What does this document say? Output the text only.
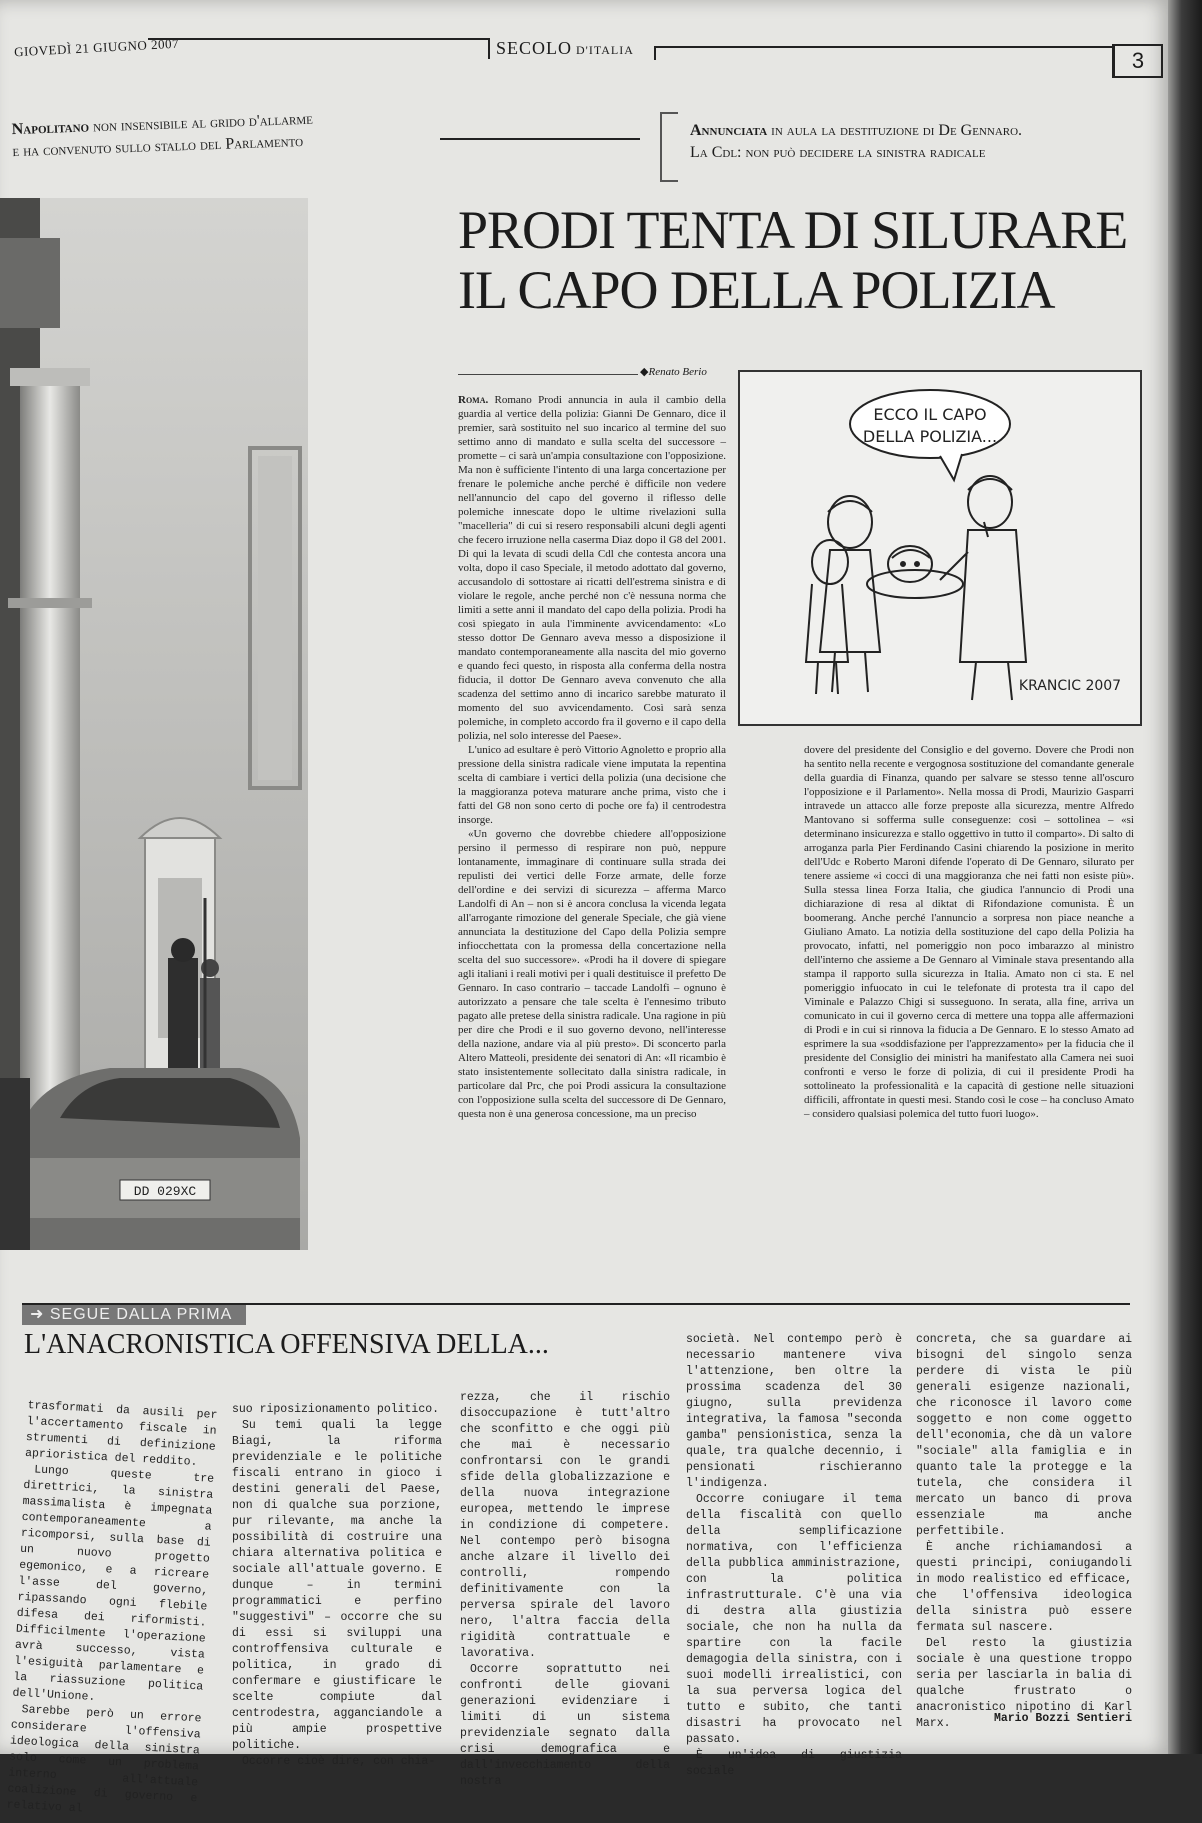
GIOVEDÌ 21 GIUGNO 2007	SECOLO D'ITALIA	3
Napolitano non insensibile al grido d'allarme
e ha convenuto sullo stallo del Parlamento
Annunciata in aula la destituzione di De Gennaro.
La Cdl: non può decidere la sinistra radicale
PRODI TENTA DI SILURARE
IL CAPO DELLA POLIZIA
DD 029XC
◆ Renato Berio
ECCO IL CAPO
DELLA POLIZIA...
KRANCIC 2007

Roma. Romano Prodi annuncia in aula il cambio della guardia al vertice della polizia: Gianni De Gennaro, dice il premier, sarà sostituito nel suo incarico al termine del suo settimo anno di mandato e sulla scelta del successore – promette – ci sarà un'ampia consultazione con l'opposizione. Ma non è sufficiente l'intento di una larga concertazione per frenare le polemiche anche perché è difficile non vedere nell'annuncio del capo del governo il riflesso delle polemiche innescate dopo le ultime rivelazioni sulla "macelleria" di cui si resero responsabili alcuni degli agenti che fecero irruzione nella caserma Diaz dopo il G8 del 2001. Di qui la levata di scudi della Cdl che contesta ancora una volta, dopo il caso Speciale, il metodo adottato dal governo, accusandolo di sottostare ai ricatti dell'estrema sinistra e di violare le regole, anche perché non c'è nessuna norma che limiti a sette anni il mandato del capo della polizia. Prodi ha così spiegato in aula l'imminente avvicendamento: «Lo stesso dottor De Gennaro aveva messo a disposizione il mandato contemporaneamente alla nascita del mio governo e quando feci questo, in risposta alla conferma della nostra fiducia, il dottor De Gennaro aveva convenuto che alla scadenza del settimo anno di incarico sarebbe maturato il momento del suo avvicendamento. Così sarà senza polemiche, in completo accordo fra il governo e il capo della polizia, nel solo interesse del Paese».

L'unico ad esultare è però Vittorio Agnoletto e proprio alla pressione della sinistra radicale viene imputata la repentina scelta di cambiare i vertici della polizia (una decisione che la maggioranza poteva maturare anche prima, visto che i fatti del G8 non sono certo di poche ore fa) il centrodestra insorge.

«Un governo che dovrebbe chiedere all'opposizione persino il permesso di respirare non può, neppure lontanamente, immaginare di continuare sulla strada dei repulisti dei vertici delle Forze armate, delle forze dell'ordine e dei servizi di sicurezza – afferma Marco Landolfi di An – non si è ancora conclusa la vicenda legata all'arrogante rimozione del generale Speciale, che già viene annunciata la destituzione del Capo della Polizia sempre infiocchettata con la promessa della concertazione nella scelta del suo successore». «Prodi ha il dovere di spiegare agli italiani i reali motivi per i quali destituisce il prefetto De Gennaro. In caso contrario – taccade Landolfi – ognuno è autorizzato a pensare che tale scelta è l'ennesimo tributo pagato alle pretese della sinistra radicale. Una ragione in più per dire che Prodi e il suo governo devono, nell'interesse della nazione, andare via al più presto». Di sconcerto parla Altero Matteoli, presidente dei senatori di An: «Il ricambio è stato insistentemente sollecitato dalla sinistra radicale, in particolare dal Prc, che poi Prodi assicura la consultazione con l'opposizione sulla scelta del successore di De Gennaro, questa non è una generosa concessione, ma un preciso

dovere del presidente del Consiglio e del governo. Dovere che Prodi non ha sentito nella recente e vergognosa sostituzione del comandante generale della guardia di Finanza, quando per salvare se stesso tenne all'oscuro l'opposizione e il Parlamento». Nella mossa di Prodi, Maurizio Gasparri intravede un attacco alle forze preposte alla sicurezza, mentre Alfredo Mantovano si sofferma sulle conseguenze: così – sottolinea – «si determinano insicurezza e stallo oggettivo in tutto il comparto». Di salto di arroganza parla Pier Ferdinando Casini chiarendo la posizione in merito dell'Udc e Roberto Maroni difende l'operato di De Gennaro, silurato per tenere assieme «i cocci di una maggioranza che nei fatti non esiste più». Sulla stessa linea Forza Italia, che giudica l'annuncio di Prodi una dichiarazione di resa al diktat di Rifondazione comunista. È un boomerang. Anche perché l'annuncio a sorpresa non piace neanche a Giuliano Amato. La notizia della sostituzione del capo della Polizia ha provocato, infatti, nel pomeriggio non poco imbarazzo al ministro dell'interno che assieme a De Gennaro al Viminale stava presentando alla stampa il rapporto sulla sicurezza in Italia. Amato non ci sta. E nel pomeriggio infuocato in cui le telefonate di protesta tra il capo del Viminale e Palazzo Chigi si susseguono. In serata, alla fine, arriva un comunicato in cui il governo cerca di mettere una toppa alle affermazioni di Prodi e in cui si rinnova la fiducia a De Gennaro. E lo stesso Amato ad esprimere la sua «soddisfazione per l'apprezzamento» per la fiducia che il presidente del Consiglio dei ministri ha manifestato alla Camera nei suoi confronti e verso le forze di polizia, di cui il presidente Prodi ha sottolineato la professionalità e la capacità di gestione nelle situazioni difficili, affrontate in questi mesi. Stando così le cose – ha concluso Amato – considero qualsiasi polemica del tutto fuori luogo».

➜ SEGUE DALLA PRIMA
L'ANACRONISTICA OFFENSIVA DELLA...

trasformati da ausili per l'accertamento fiscale in strumenti di definizione aprioristica del reddito.

Lungo queste tre direttrici, la sinistra massimalista è impegnata contemporaneamente a ricomporsi, sulla base di un nuovo progetto egemonico, e a ricreare l'asse del governo, ripassando ogni flebile difesa dei riformisti. Difficilmente l'operazione avrà successo, vista l'esiguità parlamentare e la riassuzione politica dell'Unione.

Sarebbe però un errore considerare l'offensiva ideologica della sinistra solo come un problema interno all'attuale coalizione di governo e relativo al

suo riposizionamento politico.

Su temi quali la legge Biagi, la riforma previdenziale e le politiche fiscali entrano in gioco i destini generali del Paese, non di qualche sua porzione, pur rilevante, ma anche la possibilità di costruire una chiara alternativa politica e sociale all'attuale governo. E dunque – in termini programmatici e perfino "suggestivi" – occorre che su di essi si sviluppi una controffensiva culturale e politica, in grado di confermare e giustificare le scelte compiute dal centrodestra, agganciandole a più ampie prospettive politiche.

Occorre cioè dire, con chia-

rezza, che il rischio disoccupazione è tutt'altro che sconfitto e che oggi più che mai è necessario confrontarsi con le grandi sfide della globalizzazione e della nuova integrazione europea, mettendo le imprese in condizione di competere. Nel contempo però bisogna anche alzare il livello dei controlli, rompendo definitivamente con la perversa spirale del lavoro nero, l'altra faccia della rigidità contrattuale e lavorativa.

Occorre soprattutto nei confronti delle giovani generazioni evidenziare i limiti di un sistema previdenziale segnato dalla crisi demografica e dall'invecchiamento della nostra

società. Nel contempo però è necessario mantenere viva l'attenzione, ben oltre la prossima scadenza del 30 giugno, sulla previdenza integrativa, la famosa "seconda gamba" pensionistica, senza la quale, tra qualche decennio, i pensionati rischieranno l'indigenza.

Occorre coniugare il tema della fiscalità con quello della semplificazione normativa, con l'efficienza della pubblica amministrazione, con la politica infrastrutturale. C'è una via di destra alla giustizia sociale, che non ha nulla da spartire con la facile demagogia della sinistra, con i suoi modelli irrealistici, con la sua perversa logica del tutto e subito, che tanti disastri ha provocato nel passato.

È un'idea di giustizia sociale

concreta, che sa guardare ai bisogni del singolo senza perdere di vista le più generali esigenze nazionali, che riconosce il lavoro come soggetto e non come oggetto dell'economia, che dà un valore "sociale" alla famiglia e in quanto tale la protegge e la tutela, che considera il mercato un banco di prova essenziale ma anche perfettibile.

È anche richiamandosi a questi principi, coniugandoli in modo realistico ed efficace, che l'offensiva ideologica della sinistra può essere fermata sul nascere.

Del resto la giustizia sociale è una questione troppo seria per lasciarla in balia di qualche frustrato o anacronistico nipotino di Karl Marx.	Mario Bozzi Sentieri
